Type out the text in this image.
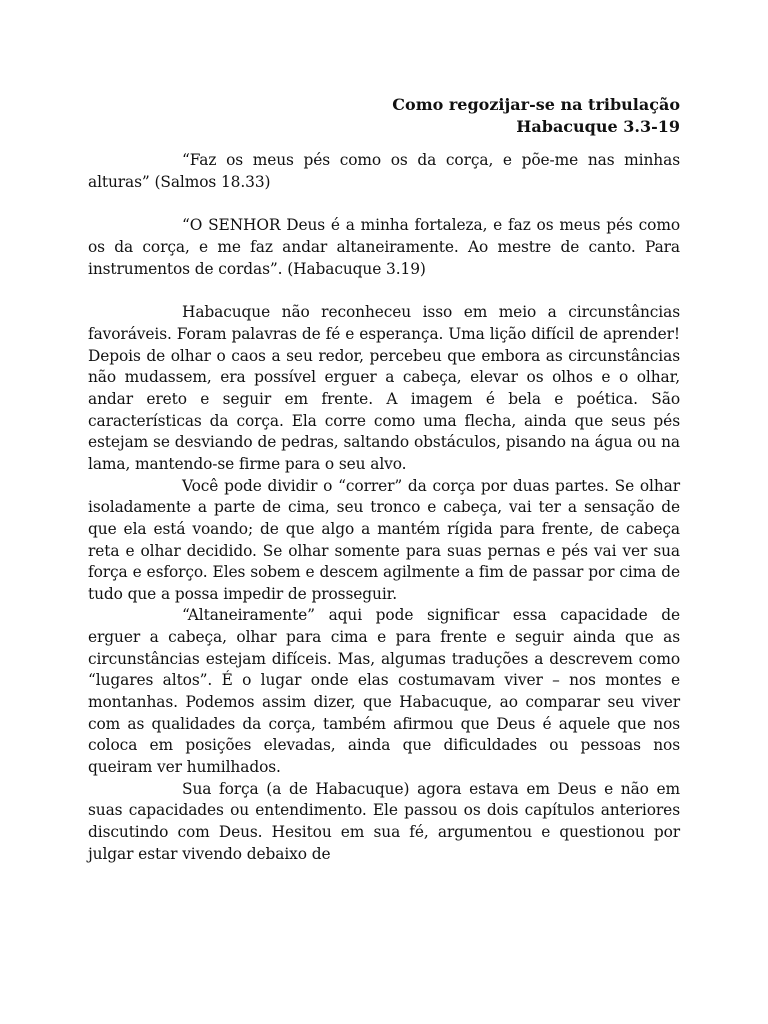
Como regozijar-se na tribulação

Habacuque 3.3-19

“Faz os meus pés como os da corça, e põe-me nas minhas alturas” (Salmos 18.33)

“O SENHOR Deus é a minha fortaleza, e faz os meus pés como os da corça, e me faz andar altaneiramente. Ao mestre de canto. Para instrumentos de cordas”. (Habacuque 3.19)

Habacuque não reconheceu isso em meio a circunstâncias favoráveis. Foram palavras de fé e esperança. Uma lição difícil de aprender! Depois de olhar o caos a seu redor, percebeu que embora as circunstâncias não mudassem, era possível erguer a cabeça, elevar os olhos e o olhar, andar ereto e seguir em frente. A imagem é bela e poética. São características da corça. Ela corre como uma flecha, ainda que seus pés estejam se desviando de pedras, saltando obstáculos, pisando na água ou na lama, mantendo-se firme para o seu alvo.

Você pode dividir o “correr” da corça por duas partes. Se olhar isoladamente a parte de cima, seu tronco e cabeça, vai ter a sensação de que ela está voando; de que algo a mantém rígida para frente, de cabeça reta e olhar decidido. Se olhar somente para suas pernas e pés vai ver sua força e esforço. Eles sobem e descem agilmente a fim de passar por cima de tudo que a possa impedir de prosseguir.

“Altaneiramente” aqui pode significar essa capacidade de erguer a cabeça, olhar para cima e para frente e seguir ainda que as circunstâncias estejam difíceis. Mas, algumas traduções a descrevem como “lugares altos”. É o lugar onde elas costumavam viver – nos montes e montanhas. Podemos assim dizer, que Habacuque, ao comparar seu viver com as qualidades da corça, também afirmou que Deus é aquele que nos coloca em posições elevadas, ainda que dificuldades ou pessoas nos queiram ver humilhados.

Sua força (a de Habacuque) agora estava em Deus e não em suas capacidades ou entendimento. Ele passou os dois capítulos anteriores discutindo com Deus. Hesitou em sua fé, argumentou e questionou por julgar estar vivendo debaixo de
